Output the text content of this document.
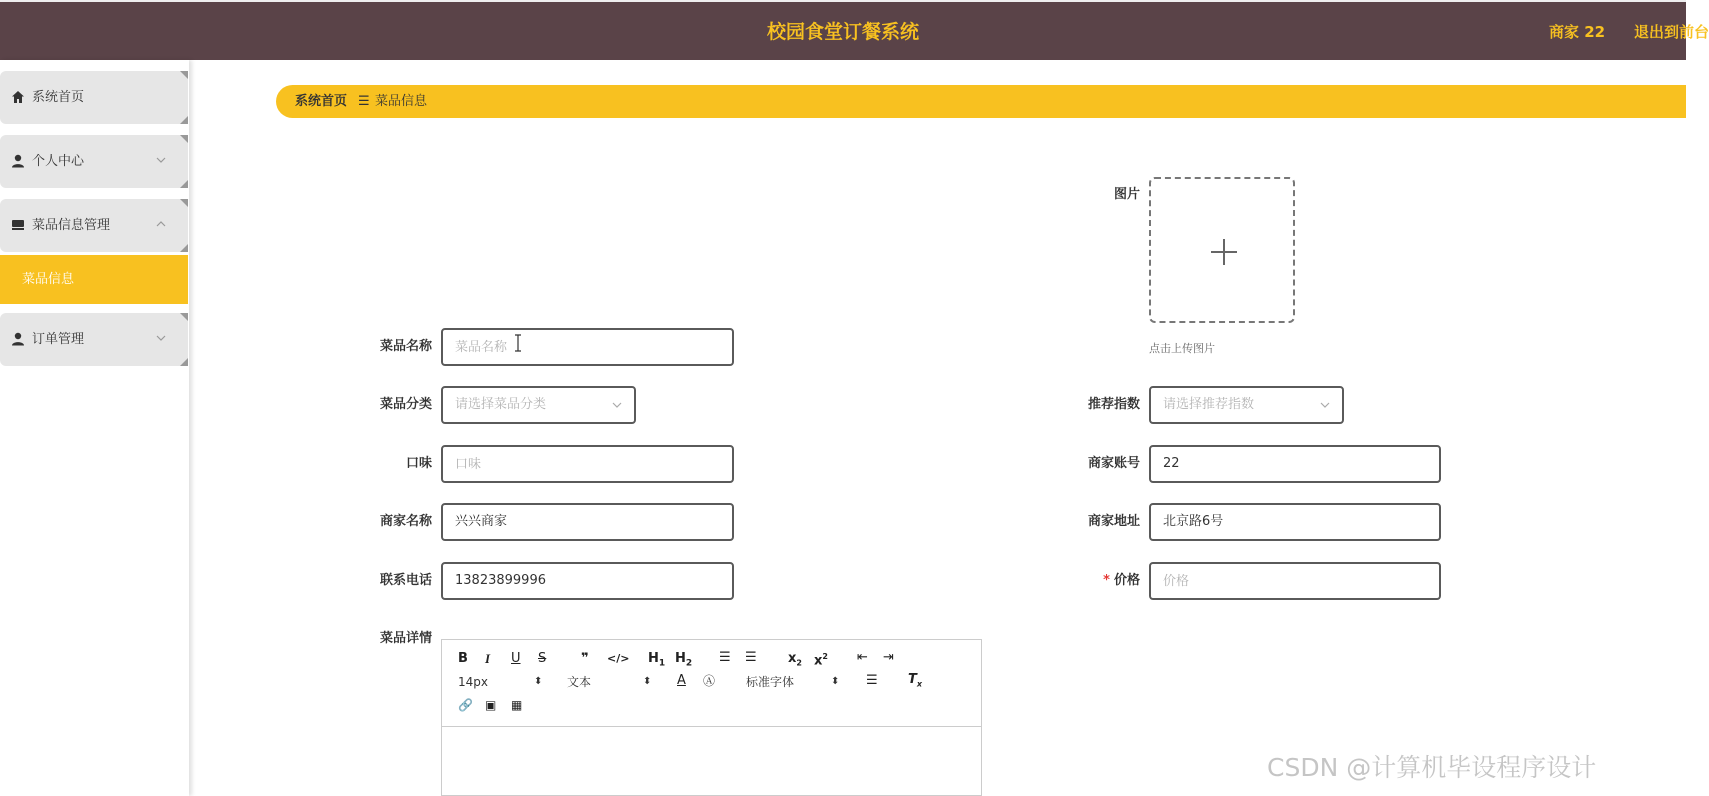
校园食堂订餐系统	商家 22 退出到前台
系统首页
个人中心
菜品信息管理
菜品信息
订单管理
系统首页 ☰ 菜品信息
图片
点击上传图片
菜品名称
菜品名称
菜品分类	请选择菜品分类
口味
口味
商家名称	兴兴商家
联系电话	13823899996
菜品详情
推荐指数	请选择推荐指数
商家账号	22
商家地址	北京路6号
* 价格
价格
B I U S	❞ </> $H_1$ $H_2$ ☰ ☰ $x_2$ $x^2$ ⇤ ⇥
14px	⬍ 文本	⬍ A Ⓐ	标准字体	⬍ ☰ $T_x$
🔗 ▣ ▦
CSDN @计算机毕设程序设计
